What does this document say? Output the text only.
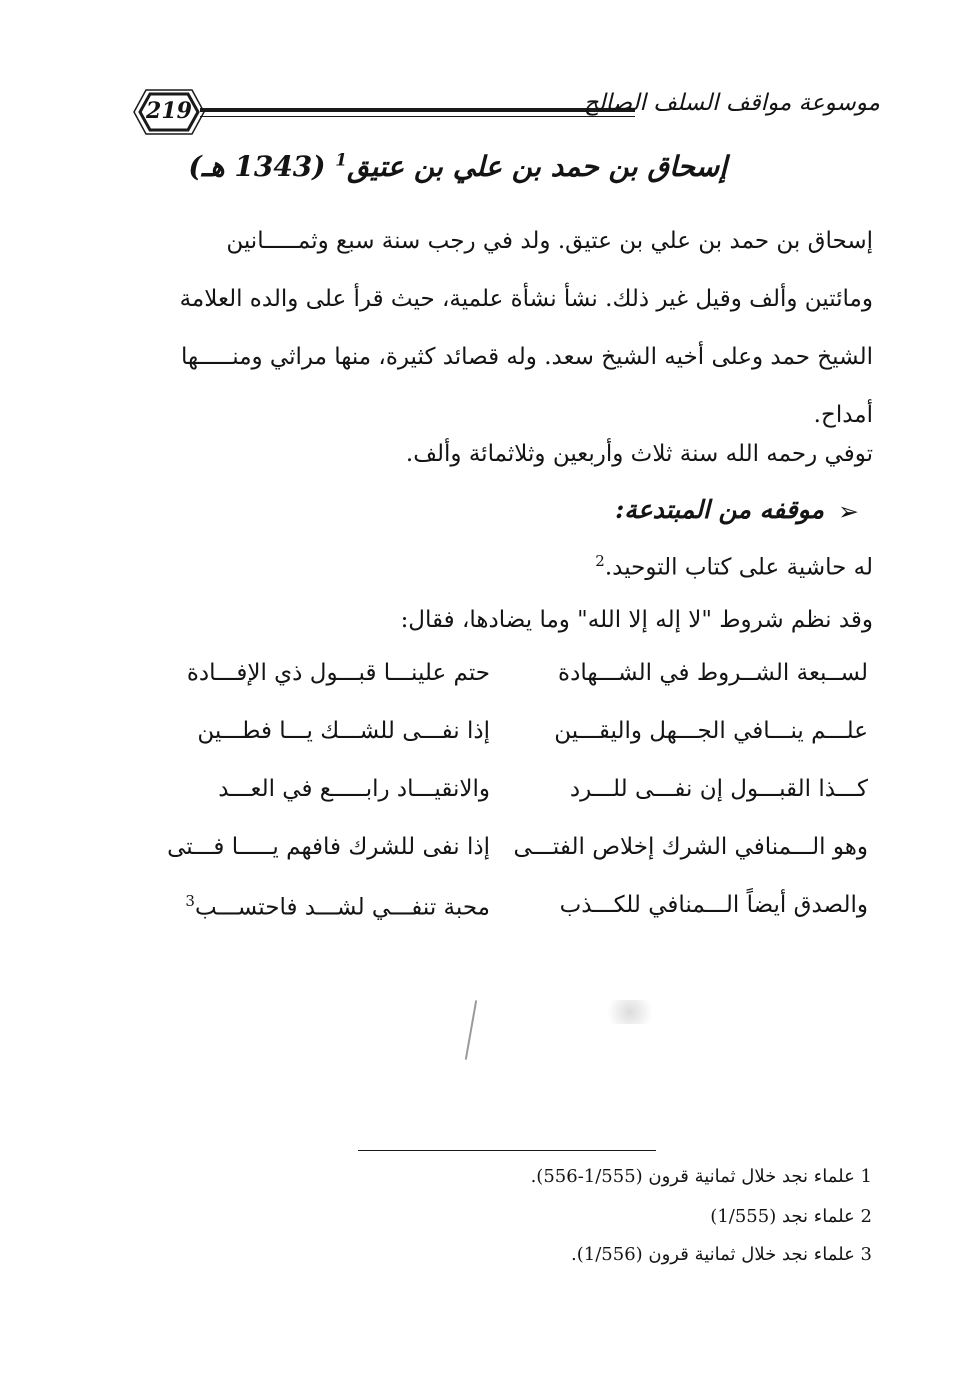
219	موسوعة مواقف السلف الصالح
إسحاق بن حمد بن علي بن عتيق$^1$ (1343 هـ)
إسحاق بن حمد بن علي بن عتيق. ولد في رجب سنة سبع وثمـــــانين
ومائتين وألف وقيل غير ذلك. نشأ نشأة علمية، حيث قرأ على والده العلامة
الشيخ حمد وعلى أخيه الشيخ سعد. وله قصائد كثيرة، منها مراثي ومنـــــها
أمداح.
توفي رحمه الله سنة ثلاث وأربعين وثلاثمائة وألف.
➢
موقفه من المبتدعة:
له حاشية على كتاب التوحيد.$^2$
وقد نظم شروط "لا إله إلا الله" وما يضادها، فقال:
لســبعة الشــروط في الشـــهادة
حتم علينـــا قبـــول ذي الإفـــادة
علـــم ينـــافي الجـــهل واليقـــين
إذا نفـــى للشـــك يـــا فطـــين
كـــذا القبـــول إن نفـــى للـــرد
والانقيـــاد رابـــــع في العـــد
وهو الـــمنافي الشرك إخلاص الفتـــى
إذا نفى للشرك فافهم يـــــا فـــتى
والصدق أيضاً الـــمنافي للكـــذب
محبة تنفـــي لشـــد فاحتســـب$^3$
1 علماء نجد خلال ثمانية قرون (1/555-556).
2 علماء نجد (1/555)
3 علماء نجد خلال ثمانية قرون (1/556).
